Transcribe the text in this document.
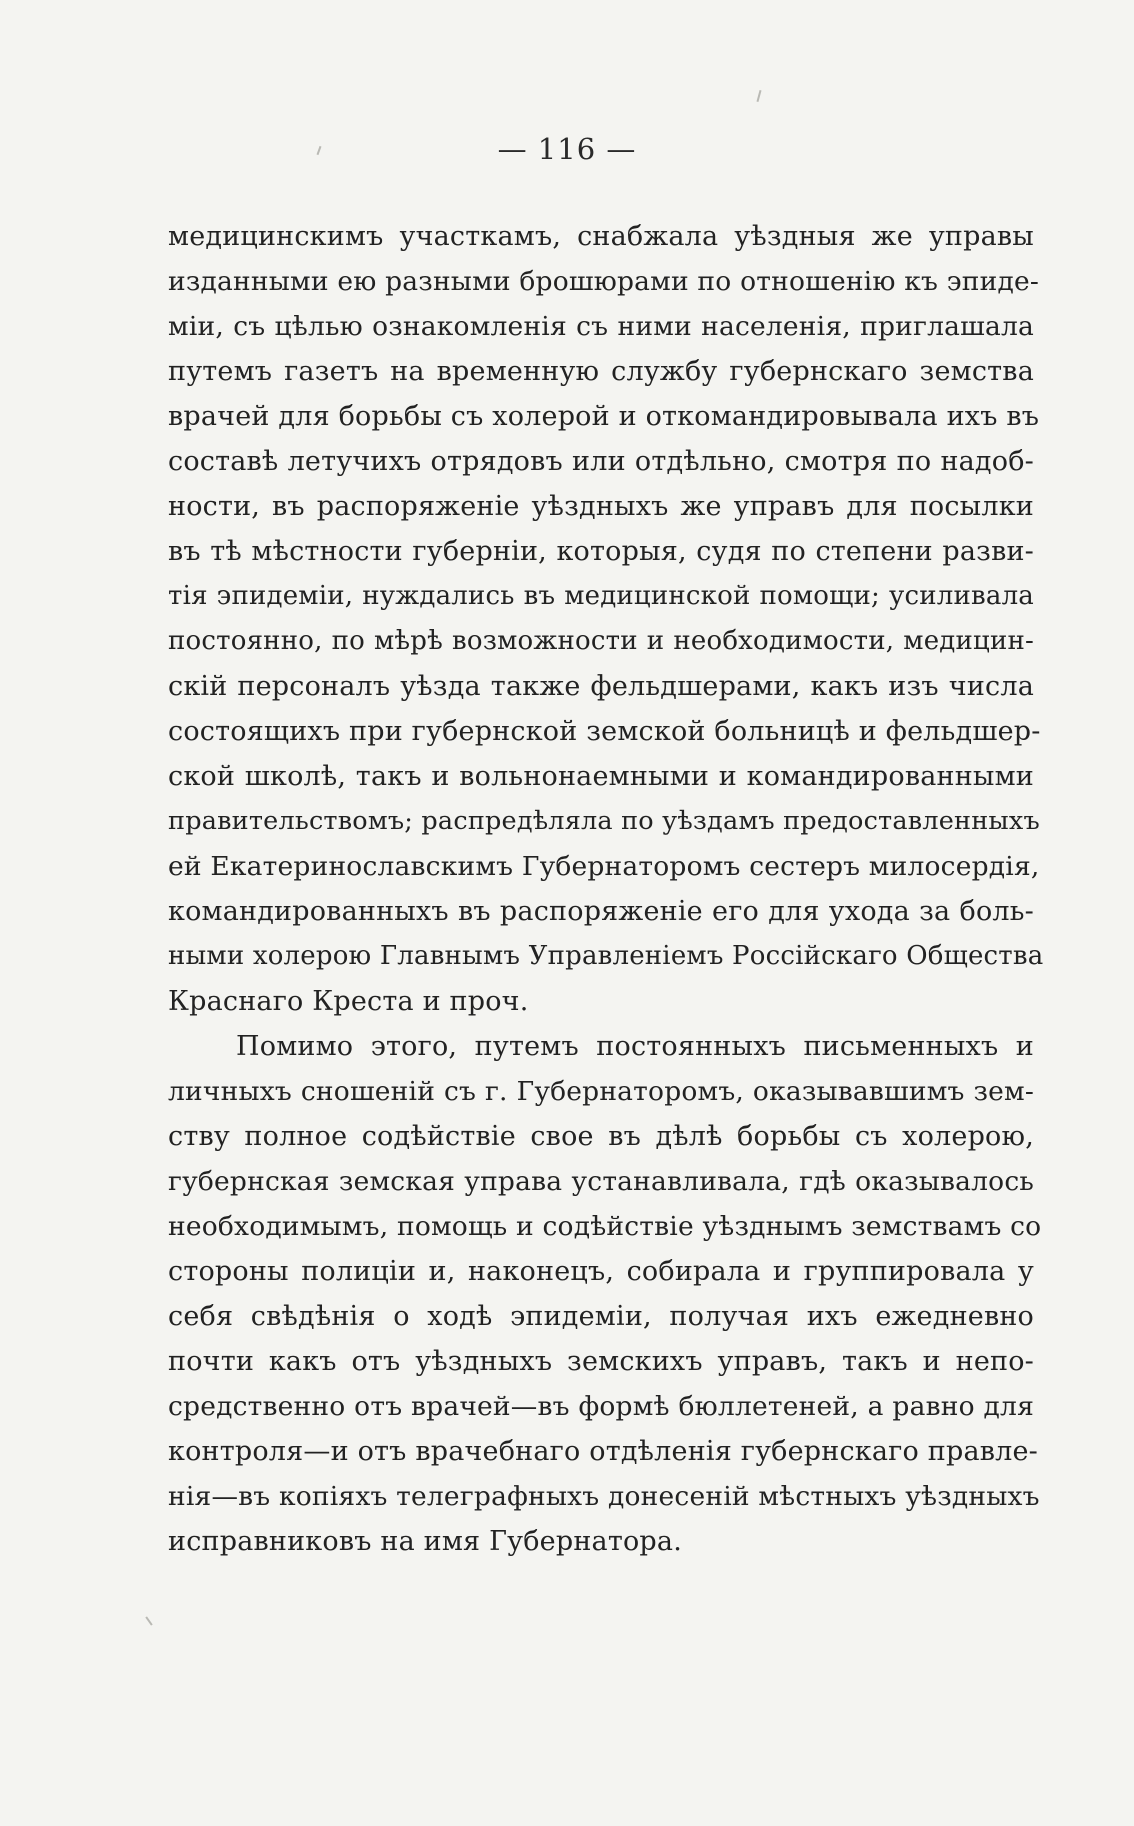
— 116 —
медицинскимъ участкамъ, снабжала уѣздныя же управы
изданными ею разными брошюрами по отношенію къ эпиде-
міи, съ цѣлью ознакомленія съ ними населенія, приглашала
путемъ газетъ на временную службу губернскаго земства
врачей для борьбы съ холерой и откомандировывала ихъ въ
составѣ летучихъ отрядовъ или отдѣльно, смотря по надоб-
ности, въ распоряженіе уѣздныхъ же управъ для посылки
въ тѣ мѣстности губерніи, которыя, судя по степени разви-
тія эпидеміи, нуждались въ медицинской помощи; усиливала
постоянно, по мѣрѣ возможности и необходимости, медицин-
скій персоналъ уѣзда также фельдшерами, какъ изъ числа
состоящихъ при губернской земской больницѣ и фельдшер-
ской школѣ, такъ и вольнонаемными и командированными
правительствомъ; распредѣляла по уѣздамъ предоставленныхъ
ей Екатеринославскимъ Губернаторомъ сестеръ милосердія,
командированныхъ въ распоряженіе его для ухода за боль-
ными холерою Главнымъ Управленіемъ Россійскаго Общества
Краснаго Креста и проч.
Помимо этого, путемъ постоянныхъ письменныхъ и
личныхъ сношеній съ г. Губернаторомъ, оказывавшимъ зем-
ству полное содѣйствіе свое въ дѣлѣ борьбы съ холерою,
губернская земская управа устанавливала, гдѣ оказывалось
необходимымъ, помощь и содѣйствіе уѣзднымъ земствамъ со
стороны полиціи и, наконецъ, собирала и группировала у
себя свѣдѣнія о ходѣ эпидеміи, получая ихъ ежедневно
почти какъ отъ уѣздныхъ земскихъ управъ, такъ и непо-
средственно отъ врачей—въ формѣ бюллетеней, а равно для
контроля—и отъ врачебнаго отдѣленія губернскаго правле-
нія—въ копіяхъ телеграфныхъ донесеній мѣстныхъ уѣздныхъ
исправниковъ на имя Губернатора.
